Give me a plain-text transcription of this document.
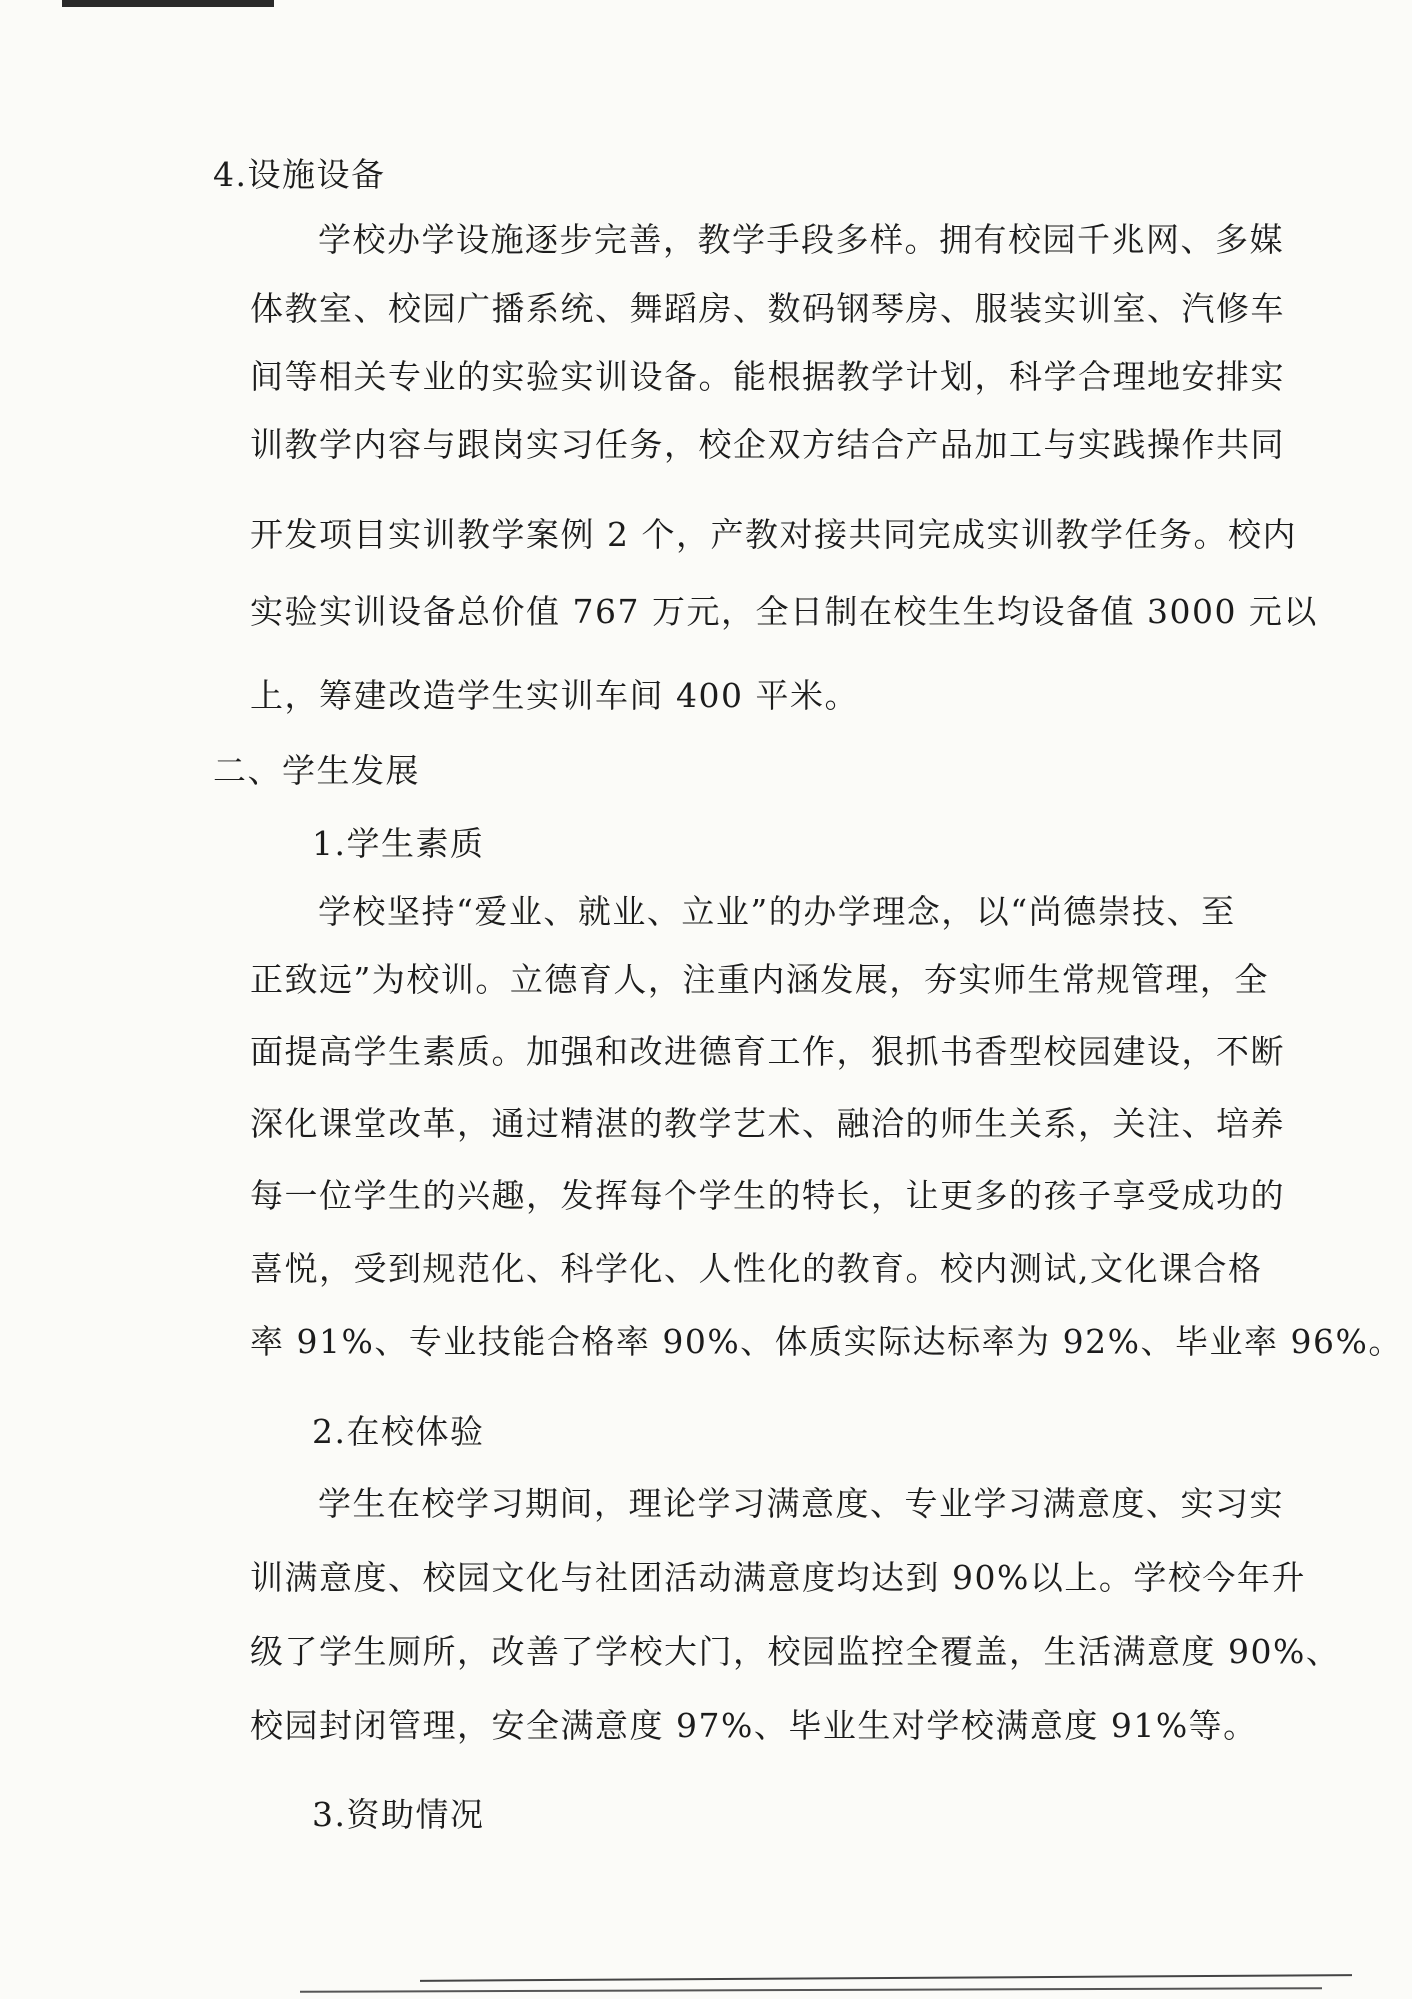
4.设施设备

学校办学设施逐步完善，教学手段多样。拥有校园千兆网、多媒

体教室、校园广播系统、舞蹈房、数码钢琴房、服装实训室、汽修车

间等相关专业的实验实训设备。能根据教学计划，科学合理地安排实

训教学内容与跟岗实习任务，校企双方结合产品加工与实践操作共同

开发项目实训教学案例 2 个，产教对接共同完成实训教学任务。校内

实验实训设备总价值 767 万元，全日制在校生生均设备值 3000 元以

上，筹建改造学生实训车间 400 平米。

二、学生发展

1.学生素质

学校坚持“爱业、就业、立业”的办学理念，以“尚德崇技、至

正致远”为校训。立德育人，注重内涵发展，夯实师生常规管理，全

面提高学生素质。加强和改进德育工作，狠抓书香型校园建设，不断

深化课堂改革，通过精湛的教学艺术、融洽的师生关系，关注、培养

每一位学生的兴趣，发挥每个学生的特长，让更多的孩子享受成功的

喜悦，受到规范化、科学化、人性化的教育。校内测试,文化课合格

率 91%、专业技能合格率 90%、体质实际达标率为 92%、毕业率 96%。

2.在校体验

学生在校学习期间，理论学习满意度、专业学习满意度、实习实

训满意度、校园文化与社团活动满意度均达到 90%以上。学校今年升

级了学生厕所，改善了学校大门，校园监控全覆盖，生活满意度 90%、

校园封闭管理，安全满意度 97%、毕业生对学校满意度 91%等。

3.资助情况
